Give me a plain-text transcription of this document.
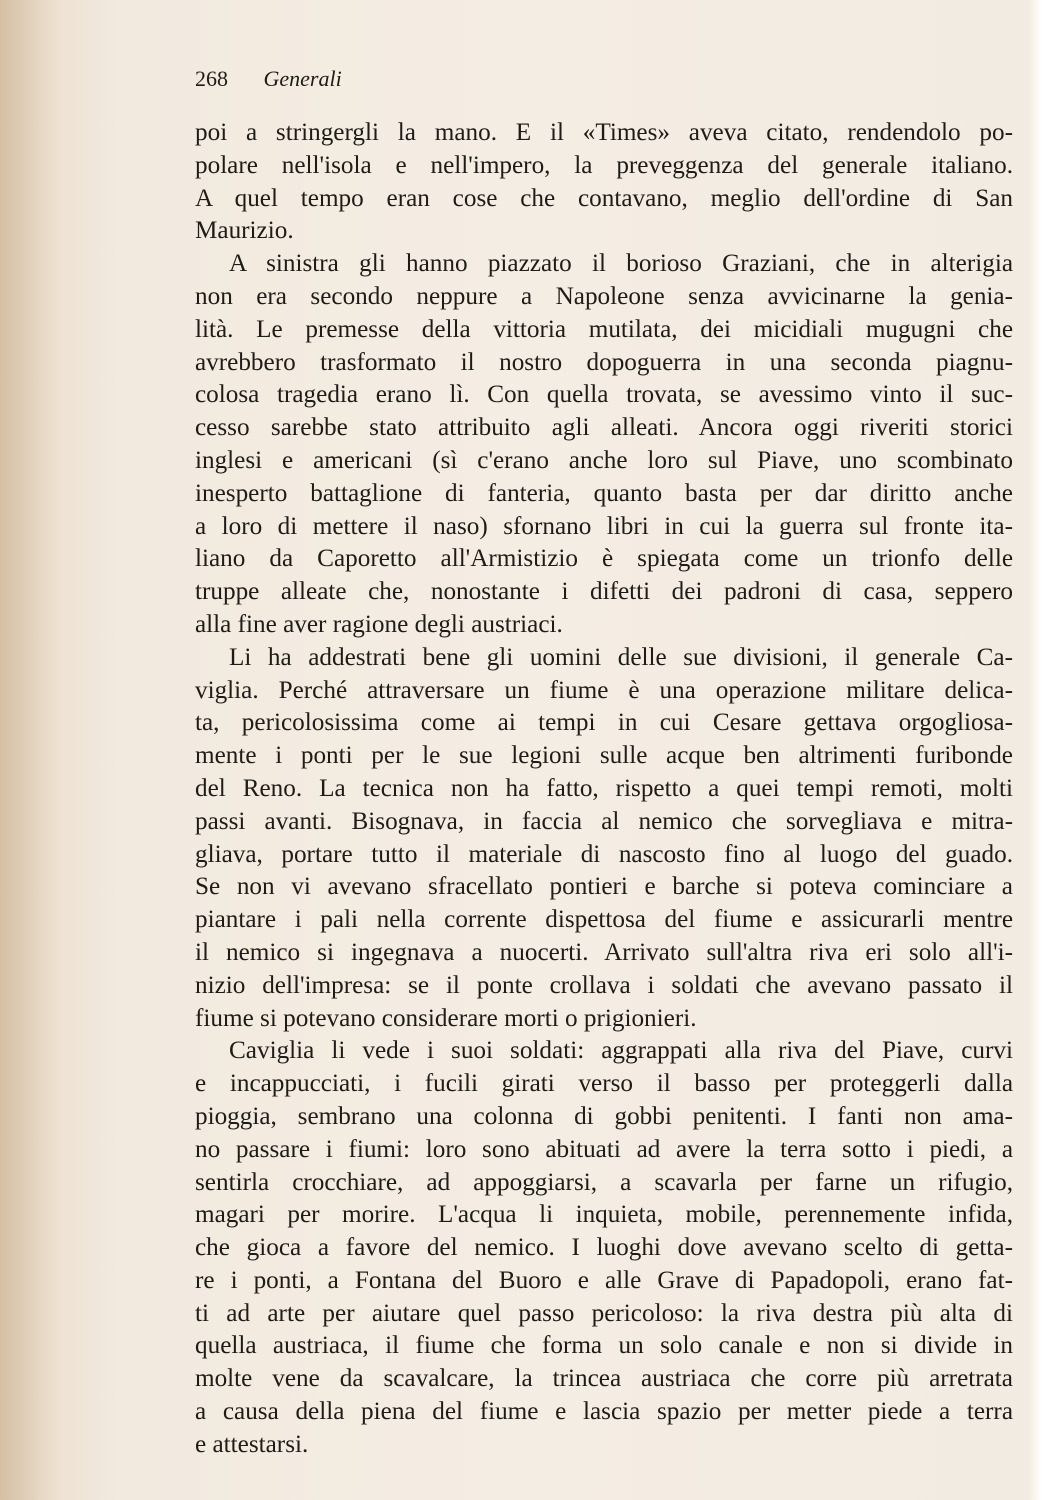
268 Generali
poi a stringergli la mano. E il «Times» aveva citato, rendendolo po-
polare nell'isola e nell'impero, la preveggenza del generale italiano.
A quel tempo eran cose che contavano, meglio dell'ordine di San
Maurizio.
A sinistra gli hanno piazzato il borioso Graziani, che in alterigia
non era secondo neppure a Napoleone senza avvicinarne la genia-
lità. Le premesse della vittoria mutilata, dei micidiali mugugni che
avrebbero trasformato il nostro dopoguerra in una seconda piagnu-
colosa tragedia erano lì. Con quella trovata, se avessimo vinto il suc-
cesso sarebbe stato attribuito agli alleati. Ancora oggi riveriti storici
inglesi e americani (sì c'erano anche loro sul Piave, uno scombinato
inesperto battaglione di fanteria, quanto basta per dar diritto anche
a loro di mettere il naso) sfornano libri in cui la guerra sul fronte ita-
liano da Caporetto all'Armistizio è spiegata come un trionfo delle
truppe alleate che, nonostante i difetti dei padroni di casa, seppero
alla fine aver ragione degli austriaci.
Li ha addestrati bene gli uomini delle sue divisioni, il generale Ca-
viglia. Perché attraversare un fiume è una operazione militare delica-
ta, pericolosissima come ai tempi in cui Cesare gettava orgogliosa-
mente i ponti per le sue legioni sulle acque ben altrimenti furibonde
del Reno. La tecnica non ha fatto, rispetto a quei tempi remoti, molti
passi avanti. Bisognava, in faccia al nemico che sorvegliava e mitra-
gliava, portare tutto il materiale di nascosto fino al luogo del guado.
Se non vi avevano sfracellato pontieri e barche si poteva cominciare a
piantare i pali nella corrente dispettosa del fiume e assicurarli mentre
il nemico si ingegnava a nuocerti. Arrivato sull'altra riva eri solo all'i-
nizio dell'impresa: se il ponte crollava i soldati che avevano passato il
fiume si potevano considerare morti o prigionieri.
Caviglia li vede i suoi soldati: aggrappati alla riva del Piave, curvi
e incappucciati, i fucili girati verso il basso per proteggerli dalla
pioggia, sembrano una colonna di gobbi penitenti. I fanti non ama-
no passare i fiumi: loro sono abituati ad avere la terra sotto i piedi, a
sentirla crocchiare, ad appoggiarsi, a scavarla per farne un rifugio,
magari per morire. L'acqua li inquieta, mobile, perennemente infida,
che gioca a favore del nemico. I luoghi dove avevano scelto di getta-
re i ponti, a Fontana del Buoro e alle Grave di Papadopoli, erano fat-
ti ad arte per aiutare quel passo pericoloso: la riva destra più alta di
quella austriaca, il fiume che forma un solo canale e non si divide in
molte vene da scavalcare, la trincea austriaca che corre più arretrata
a causa della piena del fiume e lascia spazio per metter piede a terra
e attestarsi.
